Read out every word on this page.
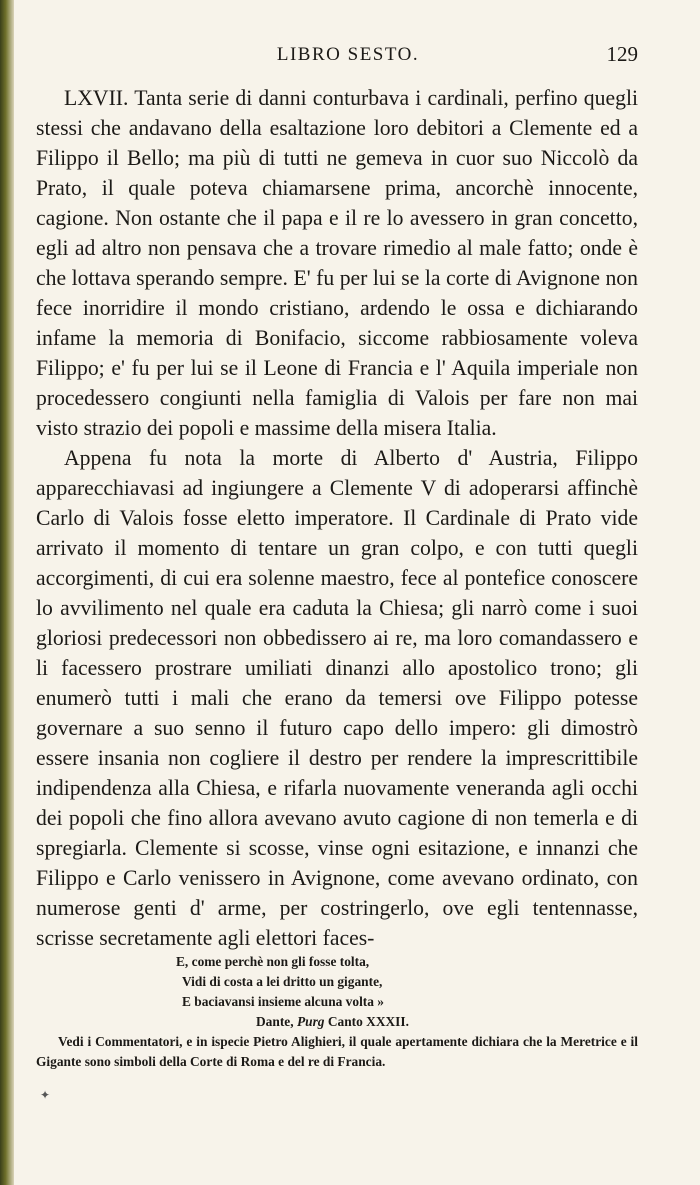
LIBRO SESTO.	129

LXVII. Tanta serie di danni conturbava i cardinali, perfino quegli stessi che andavano della esaltazione loro debitori a Clemente ed a Filippo il Bello; ma più di tutti ne gemeva in cuor suo Niccolò da Prato, il quale poteva chiamarsene prima, ancorchè innocente, cagione. Non ostante che il papa e il re lo avessero in gran concetto, egli ad altro non pensava che a trovare rimedio al male fatto; onde è che lottava sperando sempre. E' fu per lui se la corte di Avignone non fece inorridire il mondo cristiano, ardendo le ossa e dichiarando infame la memoria di Bonifacio, siccome rabbiosamente voleva Filippo; e' fu per lui se il Leone di Francia e l' Aquila imperiale non procedessero congiunti nella famiglia di Valois per fare non mai visto strazio dei popoli e massime della misera Italia.

Appena fu nota la morte di Alberto d' Austria, Filippo apparecchiavasi ad ingiungere a Clemente V di adoperarsi affinchè Carlo di Valois fosse eletto imperatore. Il Cardinale di Prato vide arrivato il momento di tentare un gran colpo, e con tutti quegli accorgimenti, di cui era solenne maestro, fece al pontefice conoscere lo avvilimento nel quale era caduta la Chiesa; gli narrò come i suoi gloriosi predecessori non obbedissero ai re, ma loro comandassero e li facessero prostrare umiliati dinanzi allo apostolico trono; gli enumerò tutti i mali che erano da temersi ove Filippo potesse governare a suo senno il futuro capo dello impero: gli dimostrò essere insania non cogliere il destro per rendere la imprescrittibile indipendenza alla Chiesa, e rifarla nuovamente veneranda agli occhi dei popoli che fino allora avevano avuto cagione di non temerla e di spregiarla. Clemente si scosse, vinse ogni esitazione, e innanzi che Filippo e Carlo venissero in Avignone, come avevano ordinato, con numerose genti d' arme, per costringerlo, ove egli tentennasse, scrisse secretamente agli elettori faces-

E, come perchè non gli fosse tolta,
Vidi di costa a lei dritto un gigante,
E baciavansi insieme alcuna volta »
Dante, Purg Canto XXXII.

Vedi i Commentatori, e in ispecie Pietro Alighieri, il quale apertamente dichiara che la Meretrice e il Gigante sono simboli della Corte di Roma e del re di Francia.

✦
